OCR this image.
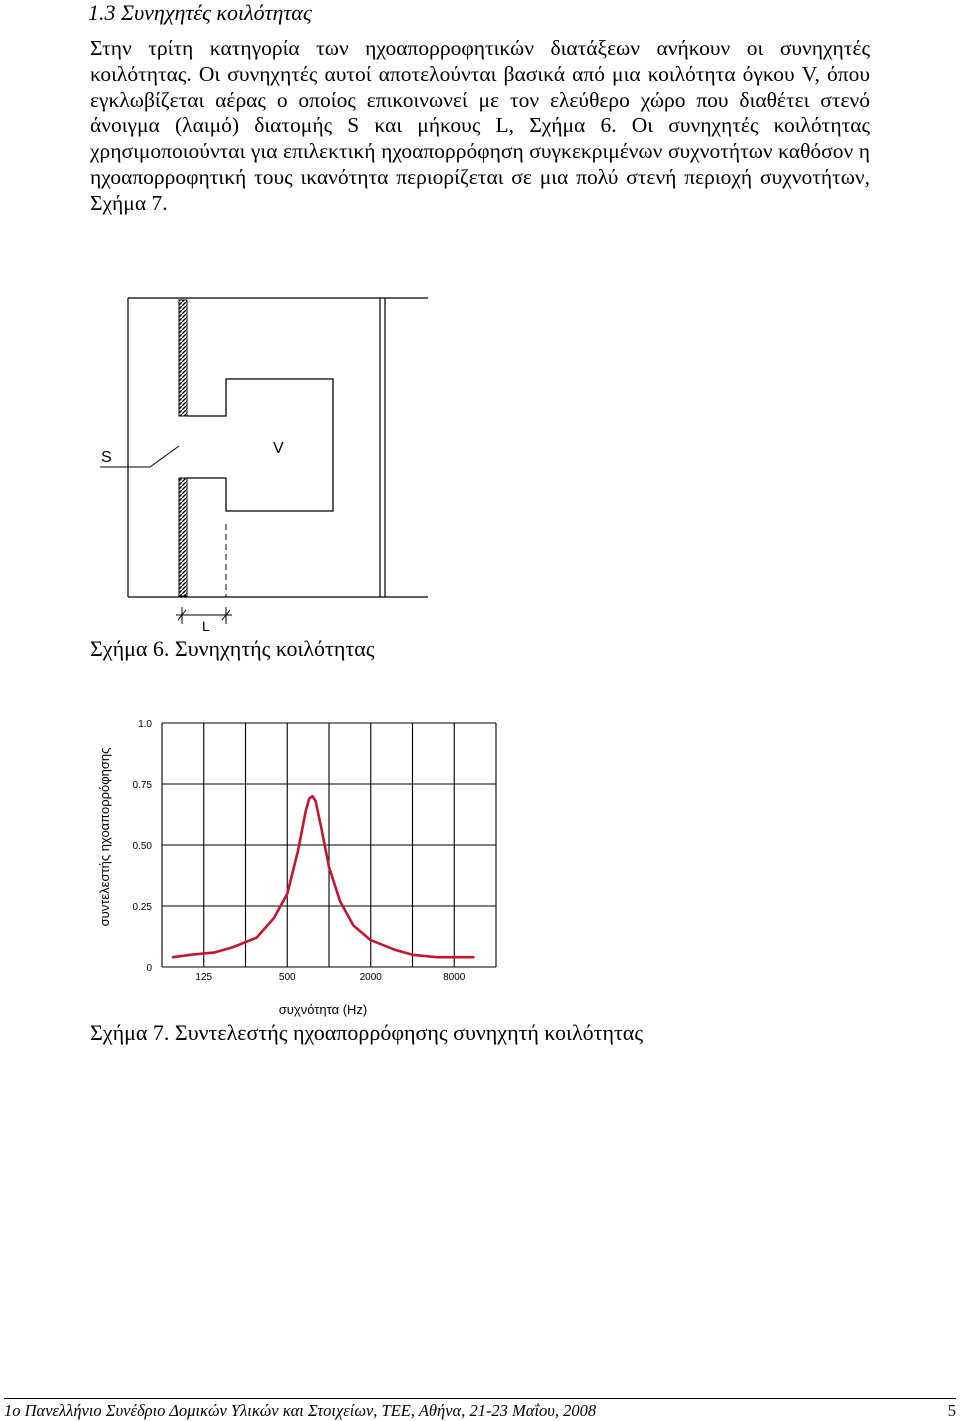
1.3 Συνηχητές κοιλότητας

Στην τρίτη κατηγορία των ηχοαπορροφητικών διατάξεων ανήκουν οι συνηχητές κοιλότητας. Οι συνηχητές αυτοί αποτελούνται βασικά από μια κοιλότητα όγκου V, όπου εγκλωβίζεται αέρας ο οποίος επικοινωνεί με τον ελεύθερο χώρο που διαθέτει στενό άνοιγμα (λαιμό) διατομής S και μήκους L, Σχήμα 6. Οι συνηχητές κοιλότητας χρησιμοποιούνται για επιλεκτική ηχοαπορρόφηση συγκεκριμένων συχνοτήτων καθόσον η ηχοαπορροφητική τους ικανότητα περιορίζεται σε μια πολύ στενή περιοχή συχνοτήτων, Σχήμα 7.

S
V
L

Σχήμα 6. Συνηχητής κοιλότητας

1.0
0.75
0.50
0.25
0
125	500	2000	8000
συχνότητα (Hz)
συντελεστής ηχοαπορρόφησης

Σχήμα 7. Συντελεστής ηχοαπορρόφησης συνηχητή κοιλότητας

1ο Πανελλήνιο Συνέδριο Δομικών Υλικών και Στοιχείων, ΤΕΕ, Αθήνα, 21-23 Μαΐου, 2008	5
